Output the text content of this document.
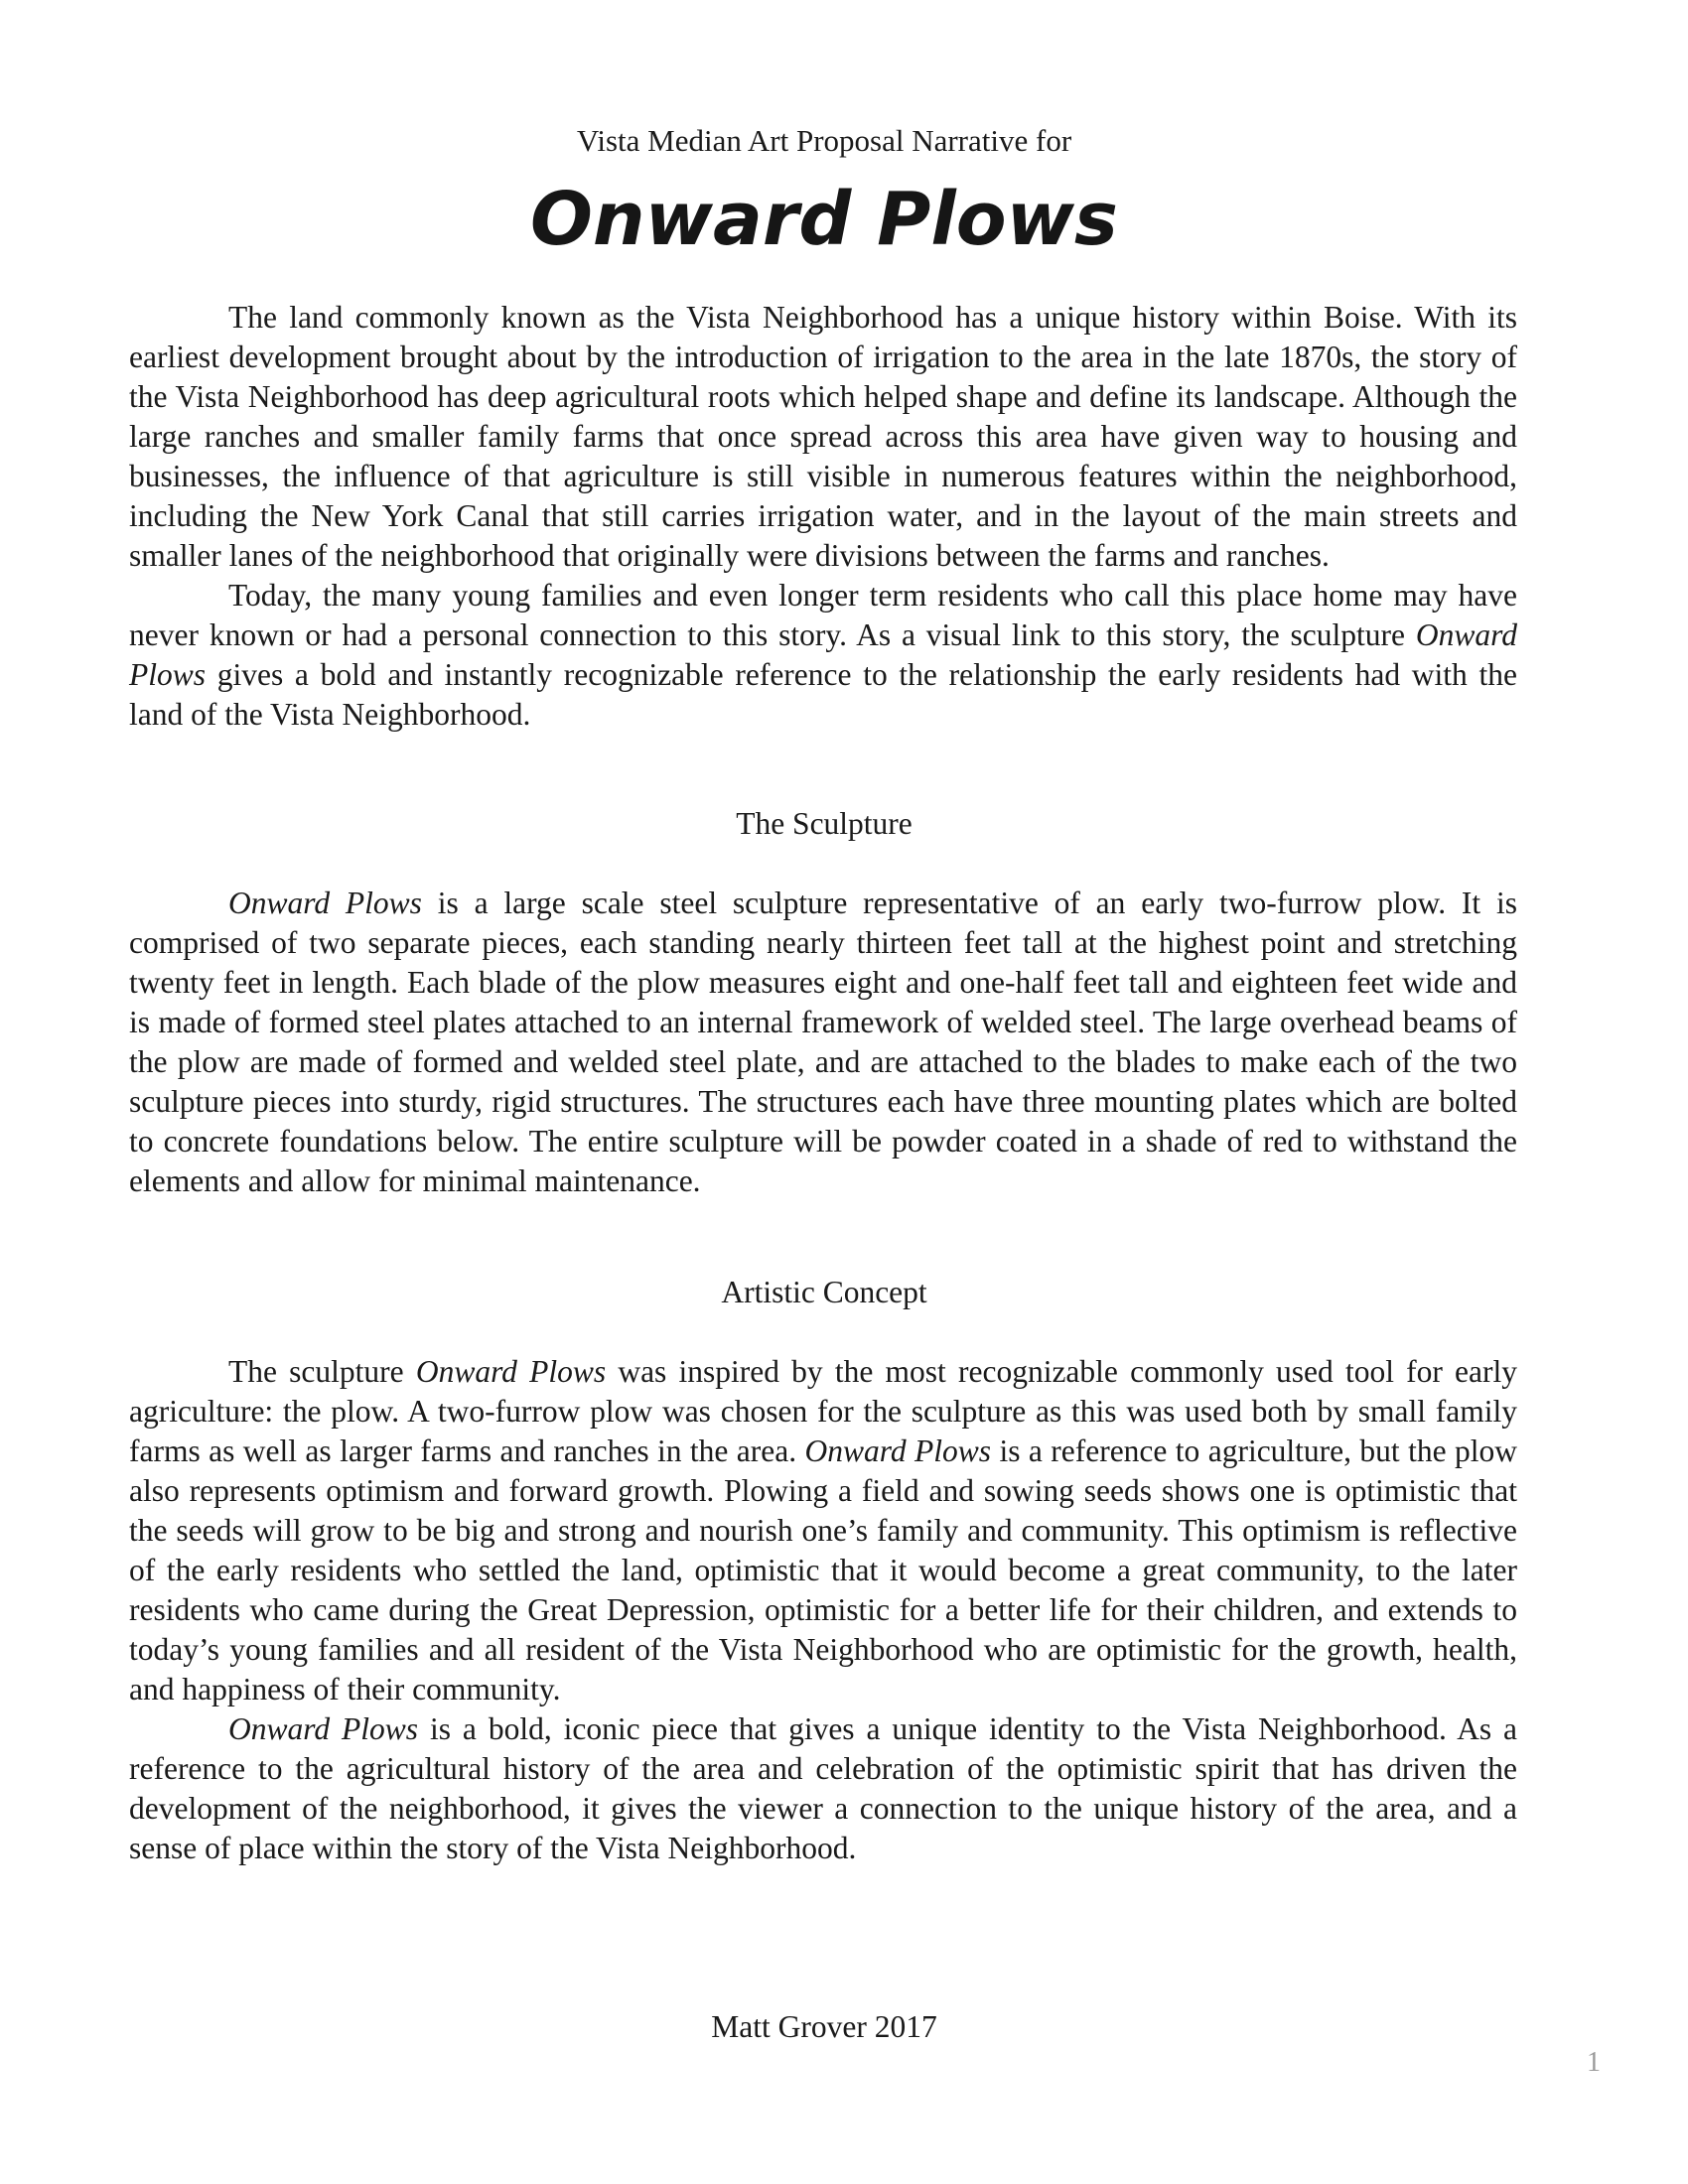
Vista Median Art Proposal Narrative for
Onward Plows

The land commonly known as the Vista Neighborhood has a unique history within Boise. With its earliest development brought about by the introduction of irrigation to the area in the late 1870s, the story of the Vista Neighborhood has deep agricultural roots which helped shape and define its landscape. Although the large ranches and smaller family farms that once spread across this area have given way to housing and businesses, the influence of that agriculture is still visible in numerous features within the neighborhood, including the New York Canal that still carries irrigation water, and in the layout of the main streets and smaller lanes of the neighborhood that originally were divisions between the farms and ranches.

Today, the many young families and even longer term residents who call this place home may have never known or had a personal connection to this story. As a visual link to this story, the sculpture Onward Plows gives a bold and instantly recognizable reference to the relationship the early residents had with the land of the Vista Neighborhood.

The Sculpture

Onward Plows is a large scale steel sculpture representative of an early two-furrow plow. It is comprised of two separate pieces, each standing nearly thirteen feet tall at the highest point and stretching twenty feet in length. Each blade of the plow measures eight and one-half feet tall and eighteen feet wide and is made of formed steel plates attached to an internal framework of welded steel. The large overhead beams of the plow are made of formed and welded steel plate, and are attached to the blades to make each of the two sculpture pieces into sturdy, rigid structures. The structures each have three mounting plates which are bolted to concrete foundations below. The entire sculpture will be powder coated in a shade of red to withstand the elements and allow for minimal maintenance.

Artistic Concept

The sculpture Onward Plows was inspired by the most recognizable commonly used tool for early agriculture: the plow. A two-furrow plow was chosen for the sculpture as this was used both by small family farms as well as larger farms and ranches in the area. Onward Plows is a reference to agriculture, but the plow also represents optimism and forward growth. Plowing a field and sowing seeds shows one is optimistic that the seeds will grow to be big and strong and nourish one’s family and community. This optimism is reflective of the early residents who settled the land, optimistic that it would become a great community, to the later residents who came during the Great Depression, optimistic for a better life for their children, and extends to today’s young families and all resident of the Vista Neighborhood who are optimistic for the growth, health, and happiness of their community.

Onward Plows is a bold, iconic piece that gives a unique identity to the Vista Neighborhood. As a reference to the agricultural history of the area and celebration of the optimistic spirit that has driven the development of the neighborhood, it gives the viewer a connection to the unique history of the area, and a sense of place within the story of the Vista Neighborhood.

Matt Grover 2017
1
